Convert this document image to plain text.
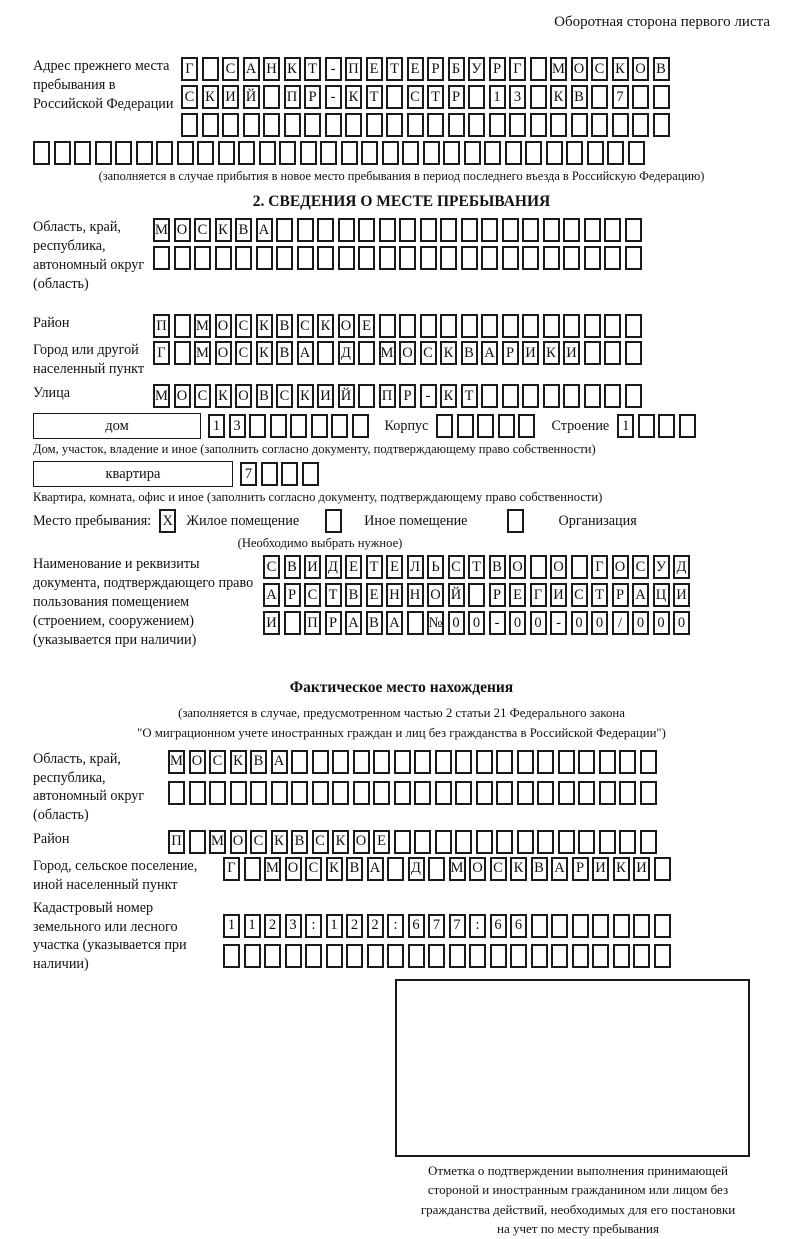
Оборотная сторона первого листа
Адрес прежнего места пребывания в Российской Федерации
Г С А Н К Т - П Е Т Е Р Б У Р Г М О С К О В
С К И Й П Р - К Т С Т Р	1 3	К В	7
(заполняется в случае прибытия в новое место пребывания в период последнего въезда в Российскую Федерацию)
2. СВЕДЕНИЯ О МЕСТЕ ПРЕБЫВАНИЯ
Область, край, республика, автономный округ (область)
М О С К В А
Район	П М О С К В С К О Е
Город или другой населенный пункт
Г М О С К В А Д М О С К В А Р И К И
Улица	М О С К О В С К И Й П Р - К Т
дом	1 3	Корпус	Строение 1
Дом, участок, владение и иное (заполнить согласно документу, подтверждающему право собственности)
квартира	7
Квартира, комната, офис и иное (заполнить согласно документу, подтверждающему право собственности)
Место пребывания: X Жилое помещение	Иное помещение	Организация
(Необходимо выбрать нужное)
Наименование и реквизиты документа, подтверждающего право пользования помещением (строением, сооружением) (указывается при наличии)
С В И Д Е Т Е Л Ь С Т В О О Г О С У Д
А Р С Т В Е Н Н О Й	Р Е Г И С Т Р А Ц И
И П Р А В А № 0 0 - 0 0 - 0 0	/	0 0 0
Фактическое место нахождения
(заполняется в случае, предусмотренном частью 2 статьи 21 Федерального закона
"О миграционном учете иностранных граждан и лиц без гражданства в Российской Федерации")
Область, край, республика, автономный округ (область)
М О С К В А
Район	П М О С К В С К О Е
Город, сельское поселение, иной населенный пункт
Г М О С К В А Д М О С К В А Р И К И
Кадастровый номер земельного или лесного участка (указывается при наличии)
1 1 2 3	:	1 2 2	:	6 7 7	:	6 6
Отметка о подтверждении выполнения принимающей
стороной и иностранным гражданином или лицом без
гражданства действий, необходимых для его постановки
на учет по месту пребывания
